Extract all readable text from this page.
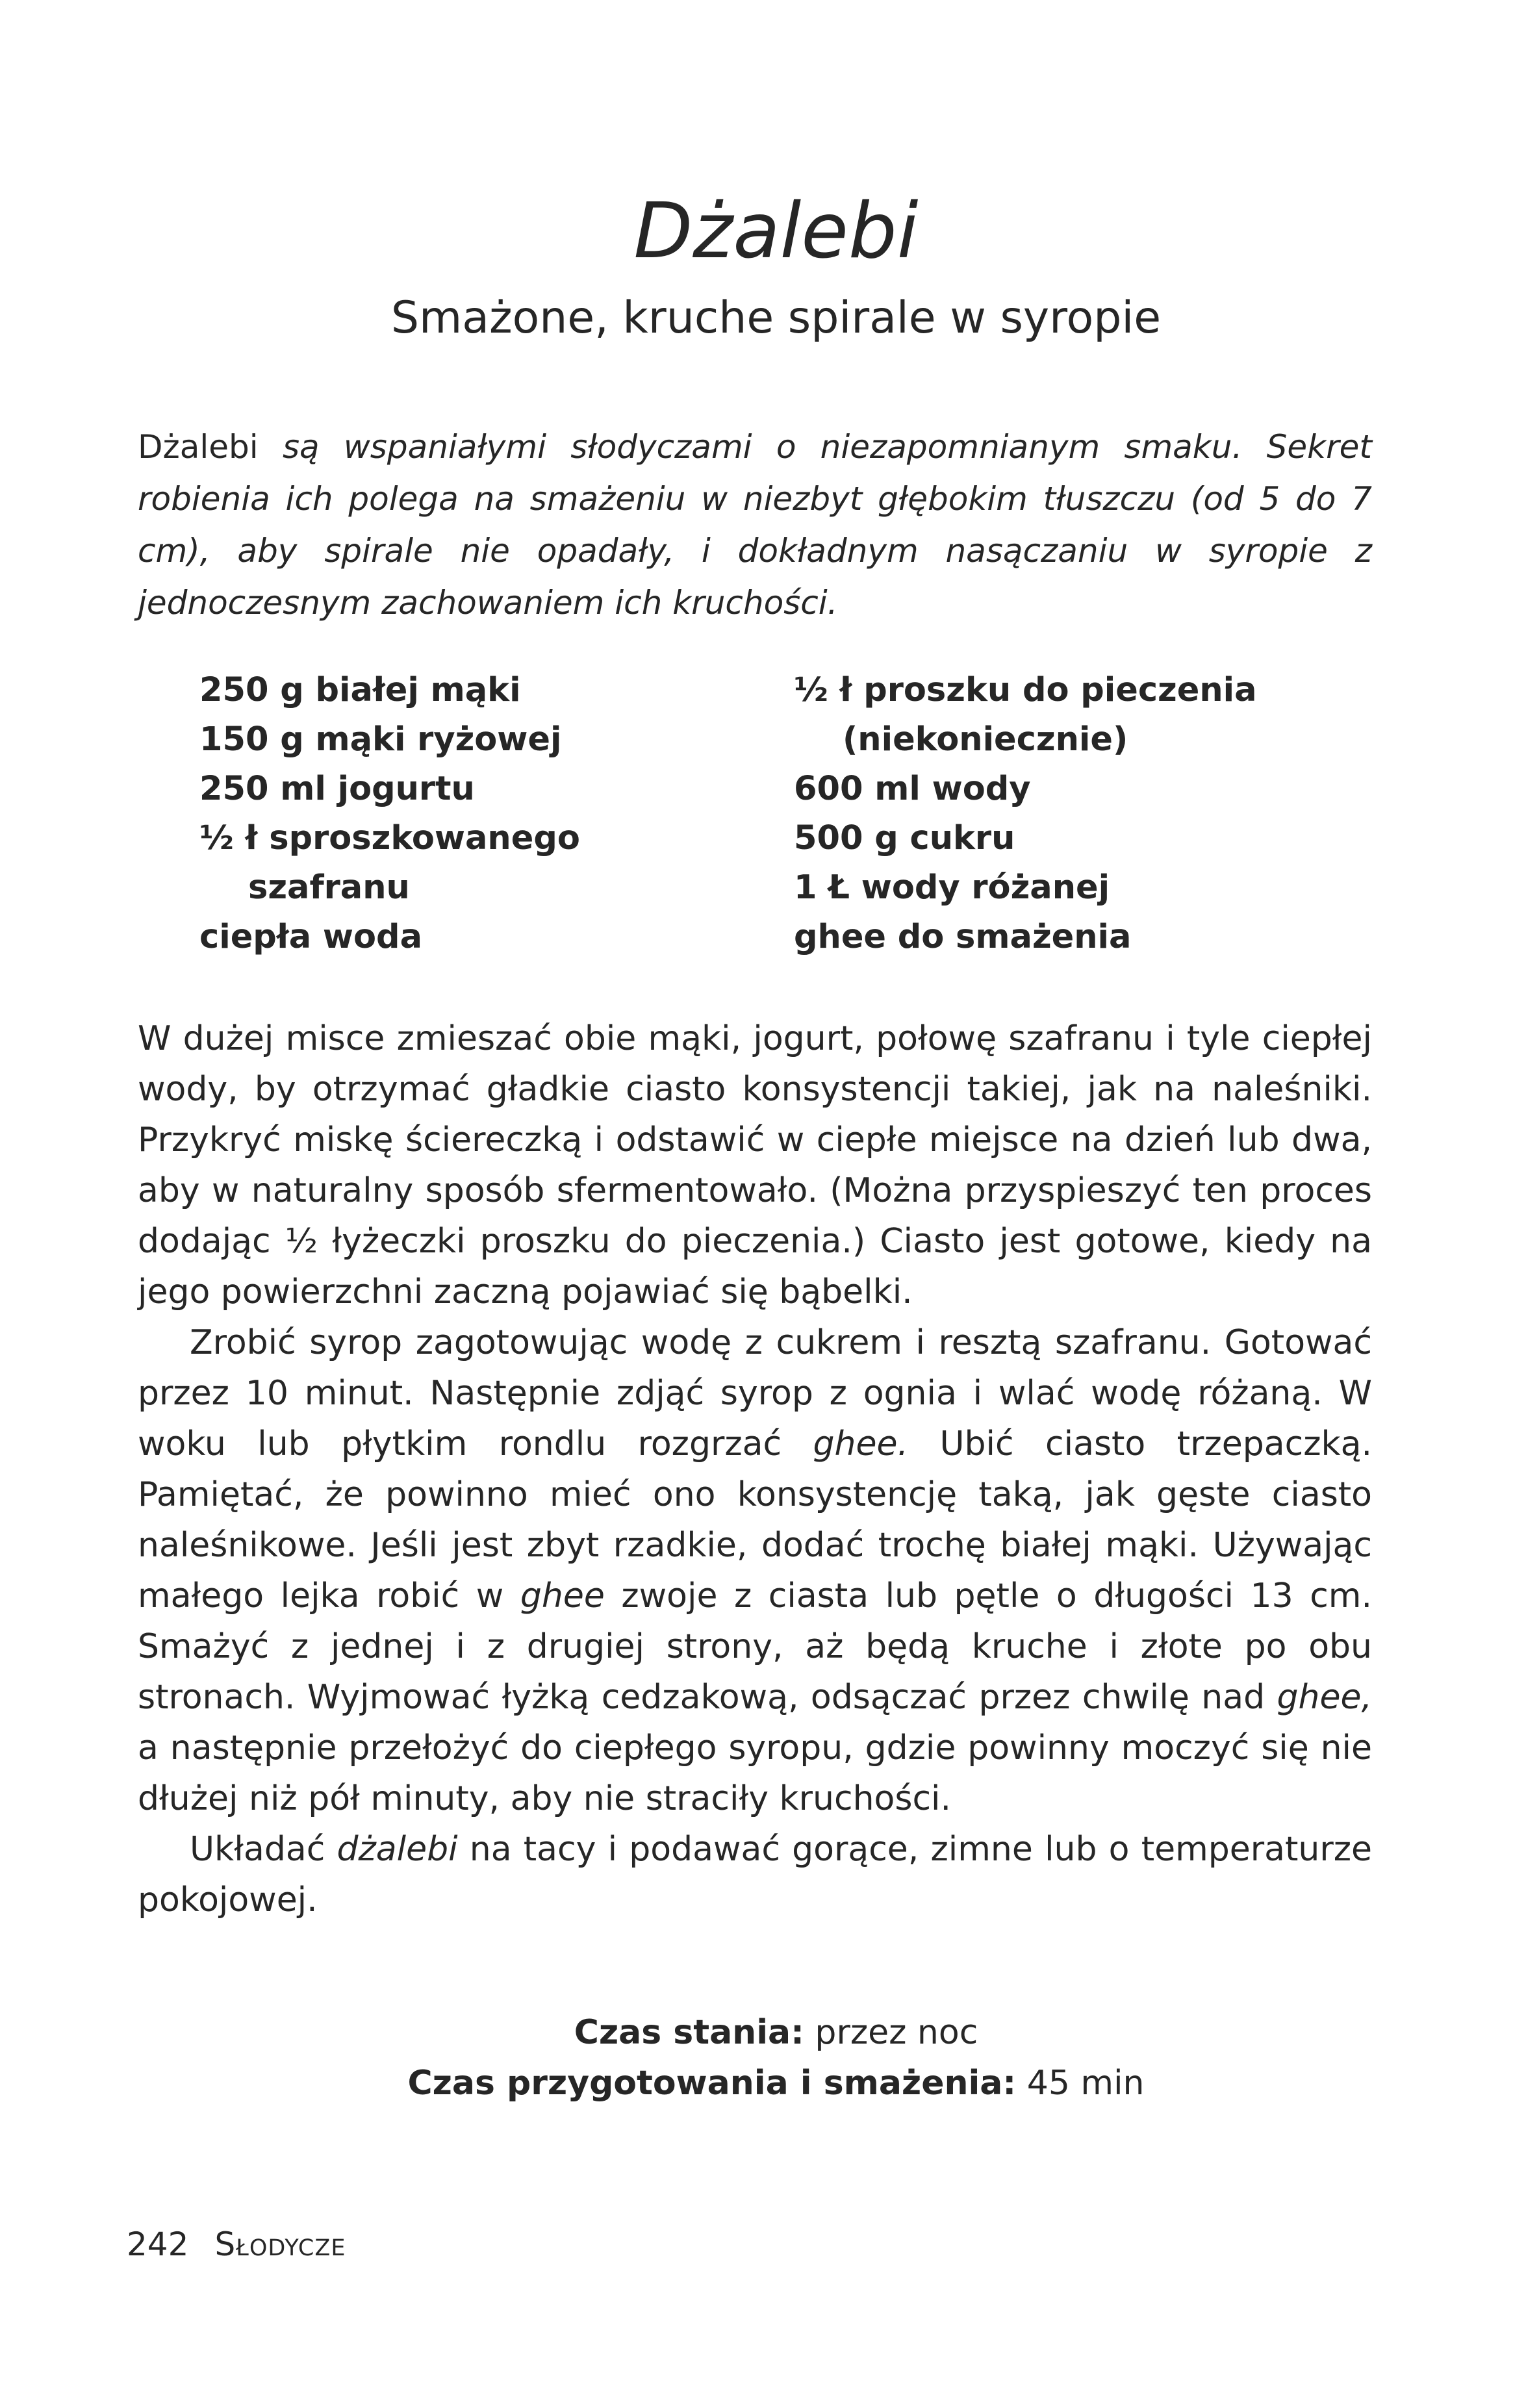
Dżalebi
Smażone, kruche spirale w syropie

Dżalebi są wspaniałymi słodyczami o niezapomnianym smaku. Sekret robienia ich polega na smażeniu w niezbyt głębokim tłuszczu (od 5 do 7 cm), aby spirale nie opadały, i dokładnym nasączaniu w syropie z jednoczesnym zachowaniem ich kruchości.

250 g białej mąki
150 g mąki ryżowej
250 ml jogurtu
½ ł sproszkowanego
szafranu
ciepła woda
½ ł proszku do pieczenia
(niekoniecznie)
600 ml wody
500 g cukru
1 Ł wody różanej
ghee do smażenia

W dużej misce zmieszać obie mąki, jogurt, połowę szafranu i tyle ciepłej wody, by otrzymać gładkie ciasto konsystencji takiej, jak na naleśniki. Przykryć miskę ściereczką i odstawić w ciepłe miejsce na dzień lub dwa, aby w naturalny sposób sfermentowało. (Można przyspieszyć ten proces dodając ½ łyżeczki proszku do pieczenia.) Ciasto jest gotowe, kiedy na jego powierzchni zaczną pojawiać się bąbelki.

Zrobić syrop zagotowując wodę z cukrem i resztą szafranu. Gotować przez 10 minut. Następnie zdjąć syrop z ognia i wlać wodę różaną. W woku lub płytkim rondlu rozgrzać ghee. Ubić ciasto trzepaczką. Pamiętać, że powinno mieć ono konsystencję taką, jak gęste ciasto naleśnikowe. Jeśli jest zbyt rzadkie, dodać trochę białej mąki. Używając małego lejka robić w ghee zwoje z ciasta lub pętle o długości 13 cm. Smażyć z jednej i z drugiej strony, aż będą kruche i złote po obu stronach. Wyjmować łyżką cedzakową, odsączać przez chwilę nad ghee, a następnie przełożyć do ciepłego syropu, gdzie powinny moczyć się nie dłużej niż pół minuty, aby nie straciły kruchości.

Układać dżalebi na tacy i podawać gorące, zimne lub o temperaturze pokojowej.

Czas stania: przez noc
Czas przygotowania i smażenia: 45 min
242 Słodycze
